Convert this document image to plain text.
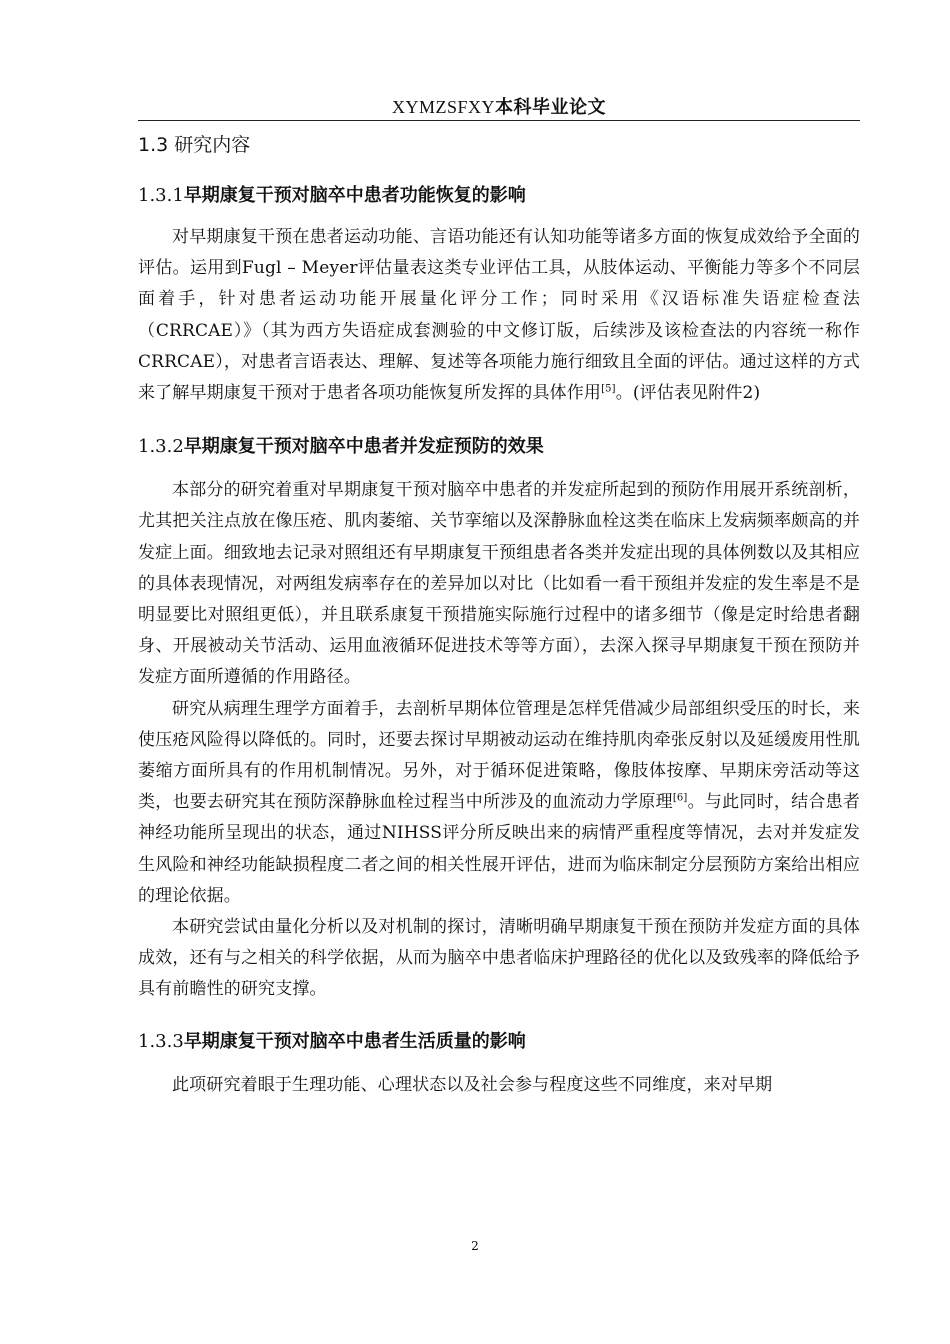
XYMZSFXY本科毕业论文
1.3 研究内容
1.3.1早期康复干预对脑卒中患者功能恢复的影响

对早期康复干预在患者运动功能、言语功能还有认知功能等诸多方面的恢复成效给予全面的评估。运用到Fugl – Meyer评估量表这类专业评估工具，从肢体运动、平衡能力等多个不同层面着手，针对患者运动功能开展量化评分工作；同时采用《汉语标准失语症检查法（CRRCAE）》（其为西方失语症成套测验的中文修订版，后续涉及该检查法的内容统一称作CRRCAE），对患者言语表达、理解、复述等各项能力施行细致且全面的评估。通过这样的方式来了解早期康复干预对于患者各项功能恢复所发挥的具体作用[5]。(评估表见附件2)

1.3.2早期康复干预对脑卒中患者并发症预防的效果

本部分的研究着重对早期康复干预对脑卒中患者的并发症所起到的预防作用展开系统剖析，尤其把关注点放在像压疮、肌肉萎缩、关节挛缩以及深静脉血栓这类在临床上发病频率颇高的并发症上面。细致地去记录对照组还有早期康复干预组患者各类并发症出现的具体例数以及其相应的具体表现情况，对两组发病率存在的差异加以对比（比如看一看干预组并发症的发生率是不是明显要比对照组更低），并且联系康复干预措施实际施行过程中的诸多细节（像是定时给患者翻身、开展被动关节活动、运用血液循环促进技术等等方面），去深入探寻早期康复干预在预防并发症方面所遵循的作用路径。

研究从病理生理学方面着手，去剖析早期体位管理是怎样凭借减少局部组织受压的时长，来使压疮风险得以降低的。同时，还要去探讨早期被动运动在维持肌肉牵张反射以及延缓废用性肌萎缩方面所具有的作用机制情况。另外，对于循环促进策略，像肢体按摩、早期床旁活动等这类，也要去研究其在预防深静脉血栓过程当中所涉及的血流动力学原理[6]。与此同时，结合患者神经功能所呈现出的状态，通过NIHSS评分所反映出来的病情严重程度等情况，去对并发症发生风险和神经功能缺损程度二者之间的相关性展开评估，进而为临床制定分层预防方案给出相应的理论依据。

本研究尝试由量化分析以及对机制的探讨，清晰明确早期康复干预在预防并发症方面的具体成效，还有与之相关的科学依据，从而为脑卒中患者临床护理路径的优化以及致残率的降低给予具有前瞻性的研究支撑。

1.3.3早期康复干预对脑卒中患者生活质量的影响

此项研究着眼于生理功能、心理状态以及社会参与程度这些不同维度，来对早期

2
